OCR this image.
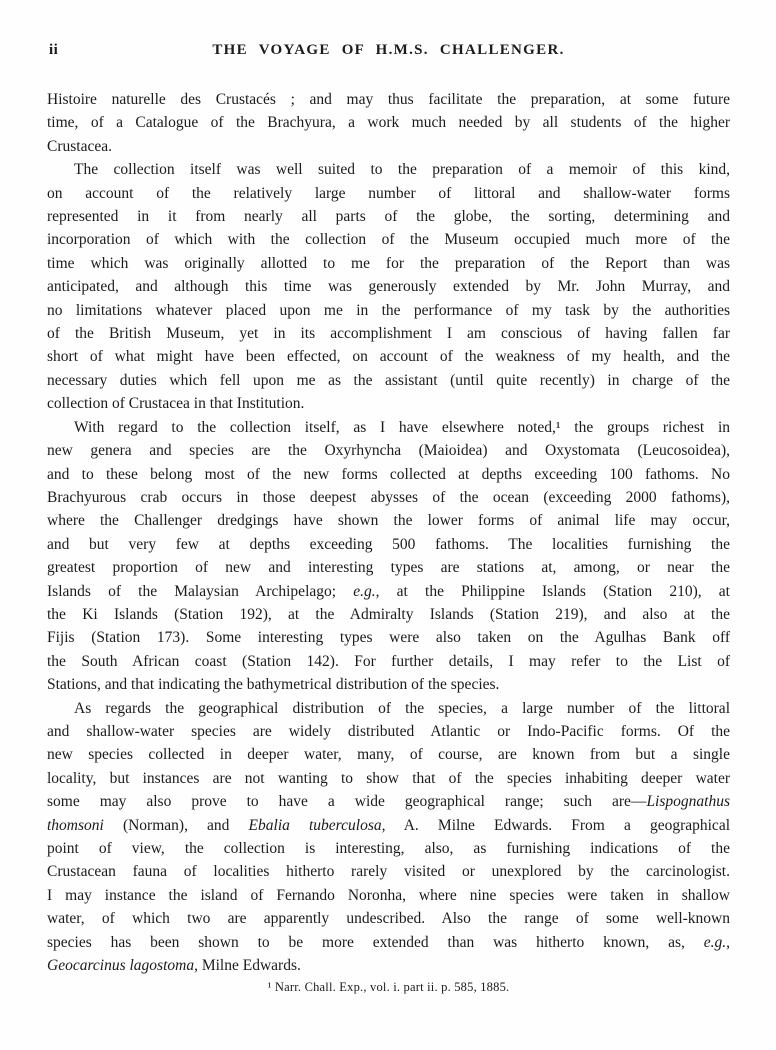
ii	THE VOYAGE OF H.M.S. CHALLENGER.
Histoire naturelle des Crustacés ; and may thus facilitate the preparation, at some future
time, of a Catalogue of the Brachyura, a work much needed by all students of the higher
Crustacea.
The collection itself was well suited to the preparation of a memoir of this kind,
on account of the relatively large number of littoral and shallow-water forms
represented in it from nearly all parts of the globe, the sorting, determining and
incorporation of which with the collection of the Museum occupied much more of the
time which was originally allotted to me for the preparation of the Report than was
anticipated, and although this time was generously extended by Mr. John Murray, and
no limitations whatever placed upon me in the performance of my task by the authorities
of the British Museum, yet in its accomplishment I am conscious of having fallen far
short of what might have been effected, on account of the weakness of my health, and the
necessary duties which fell upon me as the assistant (until quite recently) in charge of the
collection of Crustacea in that Institution.
With regard to the collection itself, as I have elsewhere noted,¹ the groups richest in
new genera and species are the Oxyrhyncha (Maioidea) and Oxystomata (Leucosoidea),
and to these belong most of the new forms collected at depths exceeding 100 fathoms. No
Brachyurous crab occurs in those deepest abysses of the ocean (exceeding 2000 fathoms),
where the Challenger dredgings have shown the lower forms of animal life may occur,
and but very few at depths exceeding 500 fathoms. The localities furnishing the
greatest proportion of new and interesting types are stations at, among, or near the
Islands of the Malaysian Archipelago; e.g., at the Philippine Islands (Station 210), at
the Ki Islands (Station 192), at the Admiralty Islands (Station 219), and also at the
Fijis (Station 173). Some interesting types were also taken on the Agulhas Bank off
the South African coast (Station 142). For further details, I may refer to the List of
Stations, and that indicating the bathymetrical distribution of the species.
As regards the geographical distribution of the species, a large number of the littoral
and shallow-water species are widely distributed Atlantic or Indo-Pacific forms. Of the
new species collected in deeper water, many, of course, are known from but a single
locality, but instances are not wanting to show that of the species inhabiting deeper water
some may also prove to have a wide geographical range; such are—Lispognathus
thomsoni (Norman), and Ebalia tuberculosa, A. Milne Edwards. From a geographical
point of view, the collection is interesting, also, as furnishing indications of the
Crustacean fauna of localities hitherto rarely visited or unexplored by the carcinologist.
I may instance the island of Fernando Noronha, where nine species were taken in shallow
water, of which two are apparently undescribed. Also the range of some well-known
species has been shown to be more extended than was hitherto known, as, e.g.,
Geocarcinus lagostoma, Milne Edwards.
¹ Narr. Chall. Exp., vol. i. part ii. p. 585, 1885.
